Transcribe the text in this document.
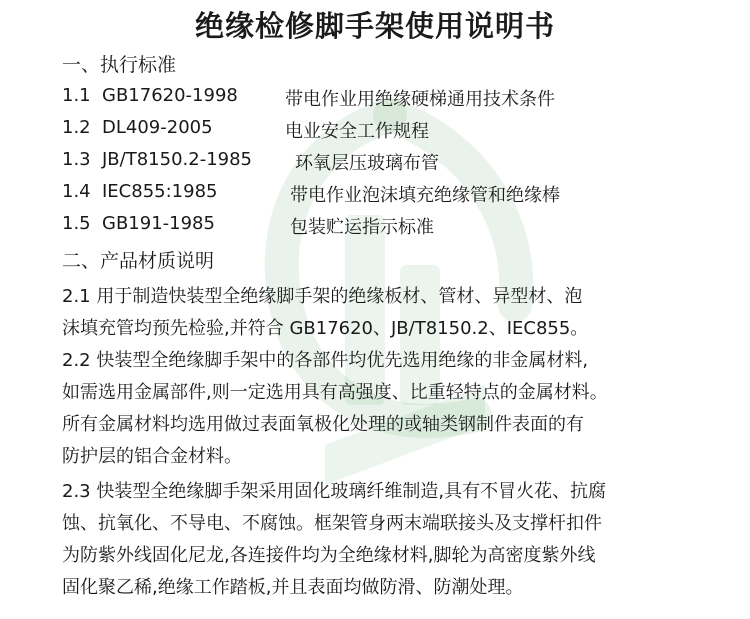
绝缘检修脚手架使用说明书
一、执行标准
1.1 GB17620-1998	带电作业用绝缘硬梯通用技术条件
1.2 DL409-2005	电业安全工作规程
1.3 JB/T8150.2-1985 环氧层压玻璃布管
1.4 IEC855:1985	带电作业泡沫填充绝缘管和绝缘棒
1.5 GB191-1985	包装贮运指示标准
二、产品材质说明
2.1 用于制造快装型全绝缘脚手架的绝缘板材、管材、异型材、泡
沫填充管均预先检验,并符合 GB17620、JB/T8150.2、IEC855。
2.2 快装型全绝缘脚手架中的各部件均优先选用绝缘的非金属材料,
如需选用金属部件,则一定选用具有高强度、比重轻特点的金属材料。
所有金属材料均选用做过表面氧极化处理的或轴类钢制件表面的有
防护层的铝合金材料。
2.3 快装型全绝缘脚手架采用固化玻璃纤维制造,具有不冒火花、抗腐
蚀、抗氧化、不导电、不腐蚀。框架管身两末端联接头及支撑杆扣件
为防紫外线固化尼龙,各连接件均为全绝缘材料,脚轮为高密度紫外线
固化聚乙稀,绝缘工作踏板,并且表面均做防滑、防潮处理。
